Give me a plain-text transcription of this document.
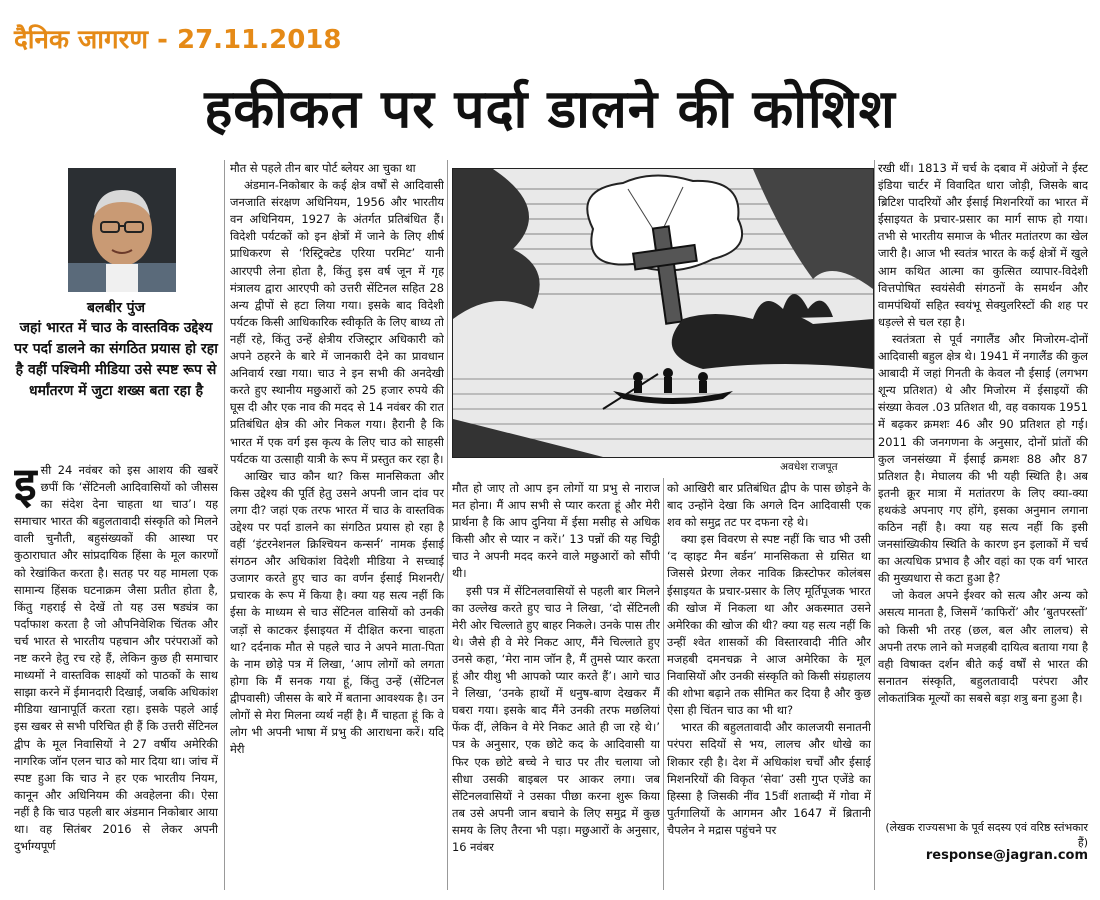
दैनिक जागरण - 27.11.2018
हकीकत पर पर्दा डालने की कोशिश
बलबीर पुंज
जहां भारत में चाउ के वास्तविक उद्देश्य पर पर्दा डालने का संगठित प्रयास हो रहा है वहीं पश्चिमी मीडिया उसे स्पष्ट रूप से धर्मांतरण में जुटा शख्स बता रहा है
इ सी 24 नवंबर को इस आशय की खबरें छपीं कि ‘सेंटिनली आदिवासियों को जीसस का संदेश देना चाहता था चाउ’। यह समाचार भारत की बहुलतावादी संस्कृति को मिलने वाली चुनौती, बहुसंख्यकों की आस्था पर कुठाराघात और सांप्रदायिक हिंसा के मूल कारणों को रेखांकित करता है। सतह पर यह मामला एक सामान्य हिंसक घटनाक्रम जैसा प्रतीत होता है, किंतु गहराई से देखें तो यह उस षड्यंत्र का पर्दाफाश करता है जो औपनिवेशिक चिंतक और चर्च भारत से भारतीय पहचान और परंपराओं को नष्ट करने हेतु रच रहे हैं, लेकिन कुछ ही समाचार माध्यमों ने वास्तविक साक्ष्यों को पाठकों के साथ साझा करने में ईमानदारी दिखाई, जबकि अधिकांश मीडिया खानापूर्ति करता रहा। इसके पहले आई इस खबर से सभी परिचित ही हैं कि उत्तरी सेंटिनल द्वीप के मूल निवासियों ने 27 वर्षीय अमेरिकी नागरिक जॉन एलन चाउ को मार दिया था। जांच में स्पष्ट हुआ कि चाउ ने हर एक भारतीय नियम, कानून और अधिनियम की अवहेलना की। ऐसा नहीं है कि चाउ पहली बार अंडमान निकोबार आया था। वह सितंबर 2016 से लेकर अपनी दुर्भाग्यपूर्ण

मौत से पहले तीन बार पोर्ट ब्लेयर आ चुका था

अंडमान-निकोबार के कई क्षेत्र वर्षों से आदिवासी जनजाति संरक्षण अधिनियम, 1956 और भारतीय वन अधिनियम, 1927 के अंतर्गत प्रतिबंधित हैं। विदेशी पर्यटकों को इन क्षेत्रों में जाने के लिए शीर्ष प्राधिकरण से ‘रिस्ट्रिक्टेड एरिया परमिट’ यानी आरएपी लेना होता है, किंतु इस वर्ष जून में गृह मंत्रालय द्वारा आरएपी को उत्तरी सेंटिनल सहित 28 अन्य द्वीपों से हटा लिया गया। इसके बाद विदेशी पर्यटक किसी आधिकारिक स्वीकृति के लिए बाध्य तो नहीं रहे, किंतु उन्हें क्षेत्रीय रजिस्ट्रार अधिकारी को अपने ठहरने के बारे में जानकारी देने का प्रावधान अनिवार्य रखा गया। चाउ ने इन सभी की अनदेखी करते हुए स्थानीय मछुआरों को 25 हजार रुपये की घूस दी और एक नाव की मदद से 14 नवंबर की रात प्रतिबंधित क्षेत्र की ओर निकल गया। हैरानी है कि भारत में एक वर्ग इस कृत्य के लिए चाउ को साहसी पर्यटक या उत्साही यात्री के रूप में प्रस्तुत कर रहा है।

आखिर चाउ कौन था? किस मानसिकता और किस उद्देश्य की पूर्ति हेतु उसने अपनी जान दांव पर लगा दी? जहां एक तरफ भारत में चाउ के वास्तविक उद्देश्य पर पर्दा डालने का संगठित प्रयास हो रहा है वहीं ‘इंटरनेशनल क्रिश्चियन कन्सर्न’ नामक ईसाई संगठन और अधिकांश विदेशी मीडिया ने सच्चाई उजागर करते हुए चाउ का वर्णन ईसाई मिशनरी/प्रचारक के रूप में किया है। क्या यह सत्य नहीं कि ईसा के माध्यम से चाउ सेंटिनल वासियों को उनकी जड़ों से काटकर ईसाइयत में दीक्षित करना चाहता था? दर्दनाक मौत से पहले चाउ ने अपने माता-पिता के नाम छोड़े पत्र में लिखा, ‘आप लोगों को लगता होगा कि मैं सनक गया हूं, किंतु उन्हें (सेंटिनल द्वीपवासी) जीसस के बारे में बताना आवश्यक है। उन लोगों से मेरा मिलना व्यर्थ नहीं है। मैं चाहता हूं कि वे लोग भी अपनी भाषा में प्रभु की आराधना करें। यदि मेरी

अवधेश राजपूत

मौत हो जाए तो आप इन लोगों या प्रभु से नाराज मत होना। मैं आप सभी से प्यार करता हूं और मेरी प्रार्थना है कि आप दुनिया में ईसा मसीह से अधिक किसी और से प्यार न करें।’ 13 पन्नों की यह चिट्ठी चाउ ने अपनी मदद करने वाले मछुआरों को सौंपी थी।

इसी पत्र में सेंटिनलवासियों से पहली बार मिलने का उल्लेख करते हुए चाउ ने लिखा, ‘दो सेंटिनली मेरी ओर चिल्लाते हुए बाहर निकले। उनके पास तीर थे। जैसे ही वे मेरे निकट आए, मैंने चिल्लाते हुए उनसे कहा, ‘मेरा नाम जॉन है, मैं तुमसे प्यार करता हूं और यीशु भी आपको प्यार करते हैं’। आगे चाउ ने लिखा, ‘उनके हाथों में धनुष-बाण देखकर मैं घबरा गया। इसके बाद मैंने उनकी तरफ मछलियां फेंक दीं, लेकिन वे मेरे निकट आते ही जा रहे थे।’ पत्र के अनुसार, एक छोटे कद के आदिवासी या फिर एक छोटे बच्चे ने चाउ पर तीर चलाया जो सीधा उसकी बाइबल पर आकर लगा। जब सेंटिनलवासियों ने उसका पीछा करना शुरू किया तब उसे अपनी जान बचाने के लिए समुद्र में कुछ समय के लिए तैरना भी पड़ा। मछुआरों के अनुसार, 16 नवंबर

को आखिरी बार प्रतिबंधित द्वीप के पास छोड़ने के बाद उन्होंने देखा कि अगले दिन आदिवासी एक शव को समुद्र तट पर दफना रहे थे।

क्या इस विवरण से स्पष्ट नहीं कि चाउ भी उसी ‘द व्हाइट मैन बर्डन’ मानसिकता से ग्रसित था जिससे प्रेरणा लेकर नाविक क्रिस्टोफर कोलंबस ईसाइयत के प्रचार-प्रसार के लिए मूर्तिपूजक भारत की खोज में निकला था और अकस्मात उसने अमेरिका की खोज की थी? क्या यह सत्य नहीं कि उन्हीं श्वेत शासकों की विस्तारवादी नीति और मजहबी दमनचक्र ने आज अमेरिका के मूल निवासियों और उनकी संस्कृति को किसी संग्रहालय की शोभा बढ़ाने तक सीमित कर दिया है और कुछ ऐसा ही चिंतन चाउ का भी था?

भारत की बहुलतावादी और कालजयी सनातनी परंपरा सदियों से भय, लालच और धोखे का शिकार रही है। देश में अधिकांश चर्चों और ईसाई मिशनरियों की विकृत ‘सेवा’ उसी गुप्त एजेंडे का हिस्सा है जिसकी नींव 15वीं शताब्दी में गोवा में पुर्तगालियों के आगमन और 1647 में ब्रितानी चैपलेन ने मद्रास पहुंचने पर

रखी थीं। 1813 में चर्च के दबाव में अंग्रेजों ने ईस्ट इंडिया चार्टर में विवादित धारा जोड़ी, जिसके बाद ब्रिटिश पादरियों और ईसाई मिशनरियों का भारत में ईसाइयत के प्रचार-प्रसार का मार्ग साफ हो गया। तभी से भारतीय समाज के भीतर मतांतरण का खेल जारी है। आज भी स्वतंत्र भारत के कई क्षेत्रों में खुले आम कथित आत्मा का कुत्सित व्यापार-विदेशी वित्तपोषित स्वयंसेवी संगठनों के समर्थन और वामपंथियों सहित स्वयंभू सेक्युलरिस्टों की शह पर धड़ल्ले से चल रहा है।

स्वतंत्रता से पूर्व नगालैंड और मिजोरम-दोनों आदिवासी बहुल क्षेत्र थे। 1941 में नगालैंड की कुल आबादी में जहां गिनती के केवल नौ ईसाई (लगभग शून्य प्रतिशत) थे और मिजोरम में ईसाइयों की संख्या केवल .03 प्रतिशत थी, वह वकायक 1951 में बढ़कर क्रमशः 46 और 90 प्रतिशत हो गई। 2011 की जनगणना के अनुसार, दोनों प्रांतों की कुल जनसंख्या में ईसाई क्रमशः 88 और 87 प्रतिशत है। मेघालय की भी यही स्थिति है। अब इतनी क्रूर मात्रा में मतांतरण के लिए क्या-क्या हथकंडे अपनाए गए होंगे, इसका अनुमान लगाना कठिन नहीं है। क्या यह सत्य नहीं कि इसी जनसांख्यिकीय स्थिति के कारण इन इलाकों में चर्च का अत्यधिक प्रभाव है और वहां का एक वर्ग भारत की मुख्यधारा से कटा हुआ है?

जो केवल अपने ईश्वर को सत्य और अन्य को असत्य मानता है, जिसमें ‘काफिरों’ और ‘बुतपरस्तों’ को किसी भी तरह (छल, बल और लालच) से अपनी तरफ लाने को मजहबी दायित्व बताया गया है वही विषाक्त दर्शन बीते कई वर्षों से भारत की सनातन संस्कृति, बहुलतावादी परंपरा और लोकतांत्रिक मूल्यों का सबसे बड़ा शत्रु बना हुआ है।

(लेखक राज्यसभा के पूर्व सदस्य एवं वरिष्ठ स्तंभकार हैं)
response@jagran.com
